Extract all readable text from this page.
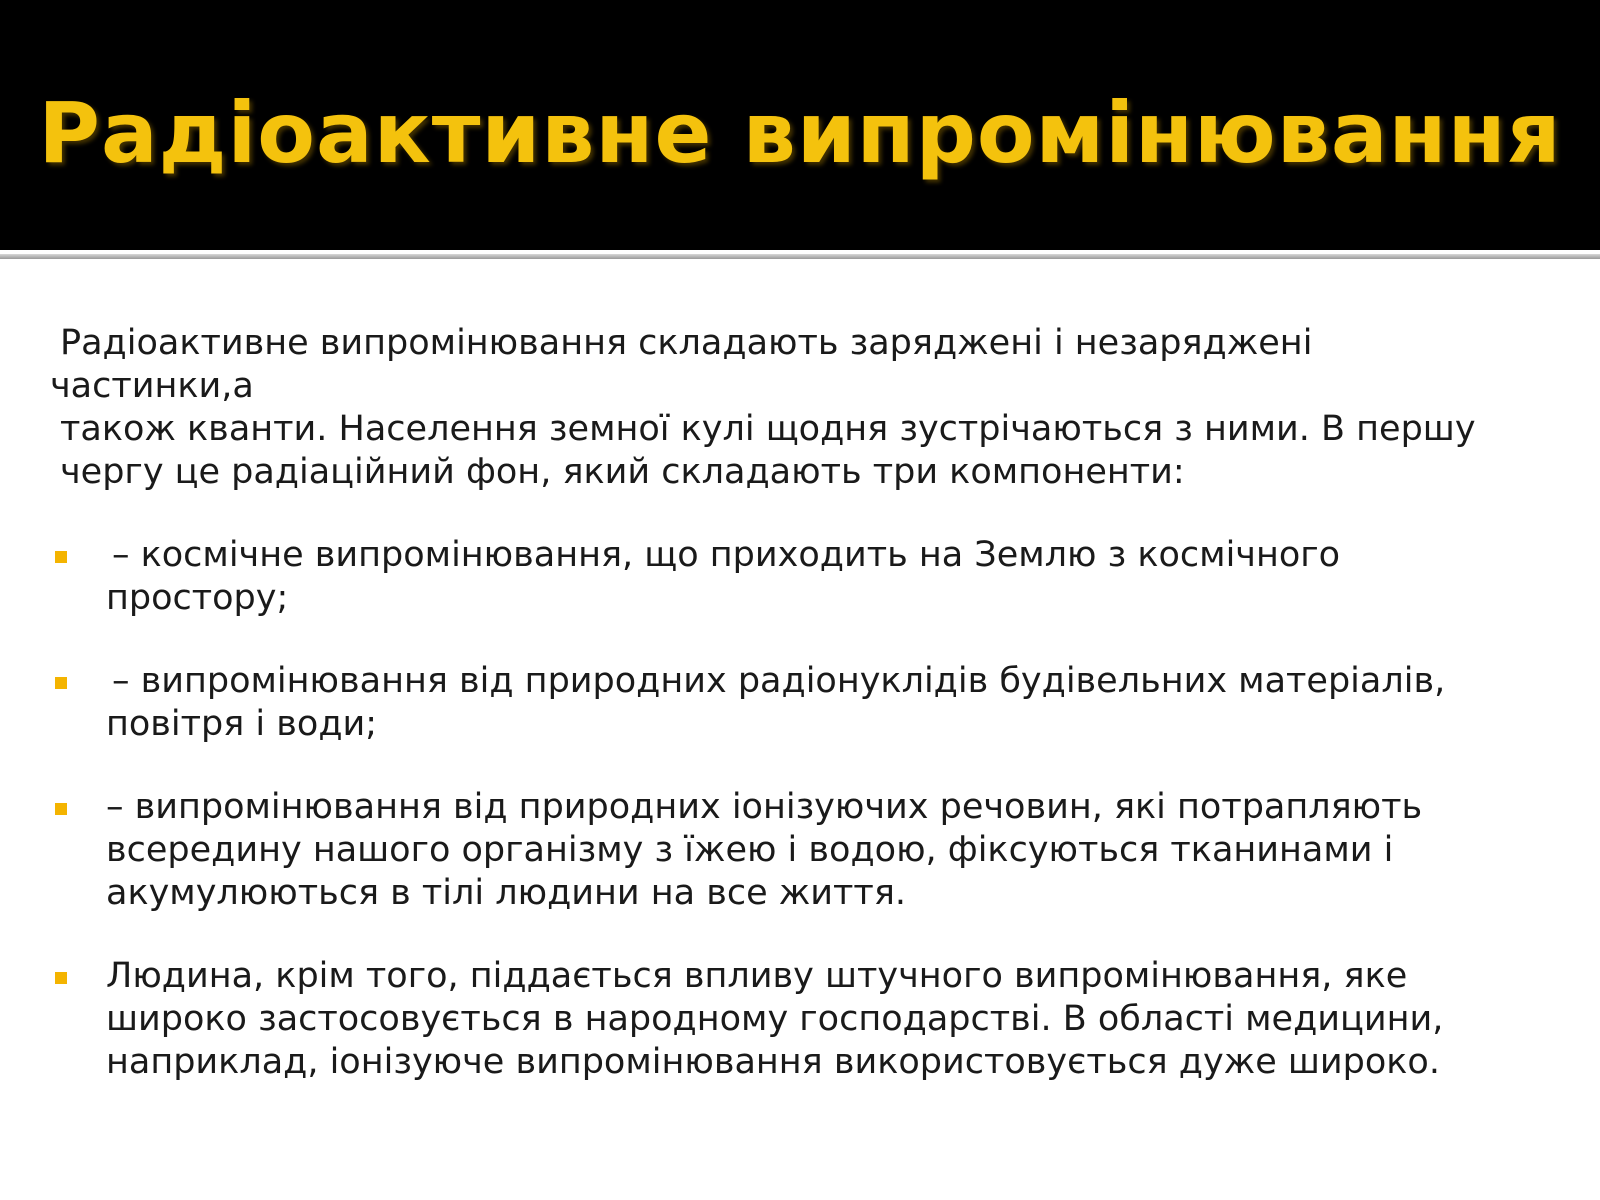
Радіоактивне випромінювання

Радіоактивне випромінювання складають заряджені і незаряджені

частинки,а

також кванти. Населення земної кулі щодня зустрічаються з ними. В першу

чергу це радіаційний фон, який складають три компоненти:

– космічне випромінювання, що приходить на Землю з космічного
простору;
– випромінювання від природних радіонуклідів будівельних матеріалів,
повітря і води;
– випромінювання від природних іонізуючих речовин, які потрапляють
всередину нашого організму з їжею і водою, фіксуються тканинами і
акумулюються в тілі людини на все життя.
Людина, крім того, піддається впливу штучного випромінювання, яке
широко застосовується в народному господарстві. В області медицини,
наприклад, іонізуюче випромінювання використовується дуже широко.
